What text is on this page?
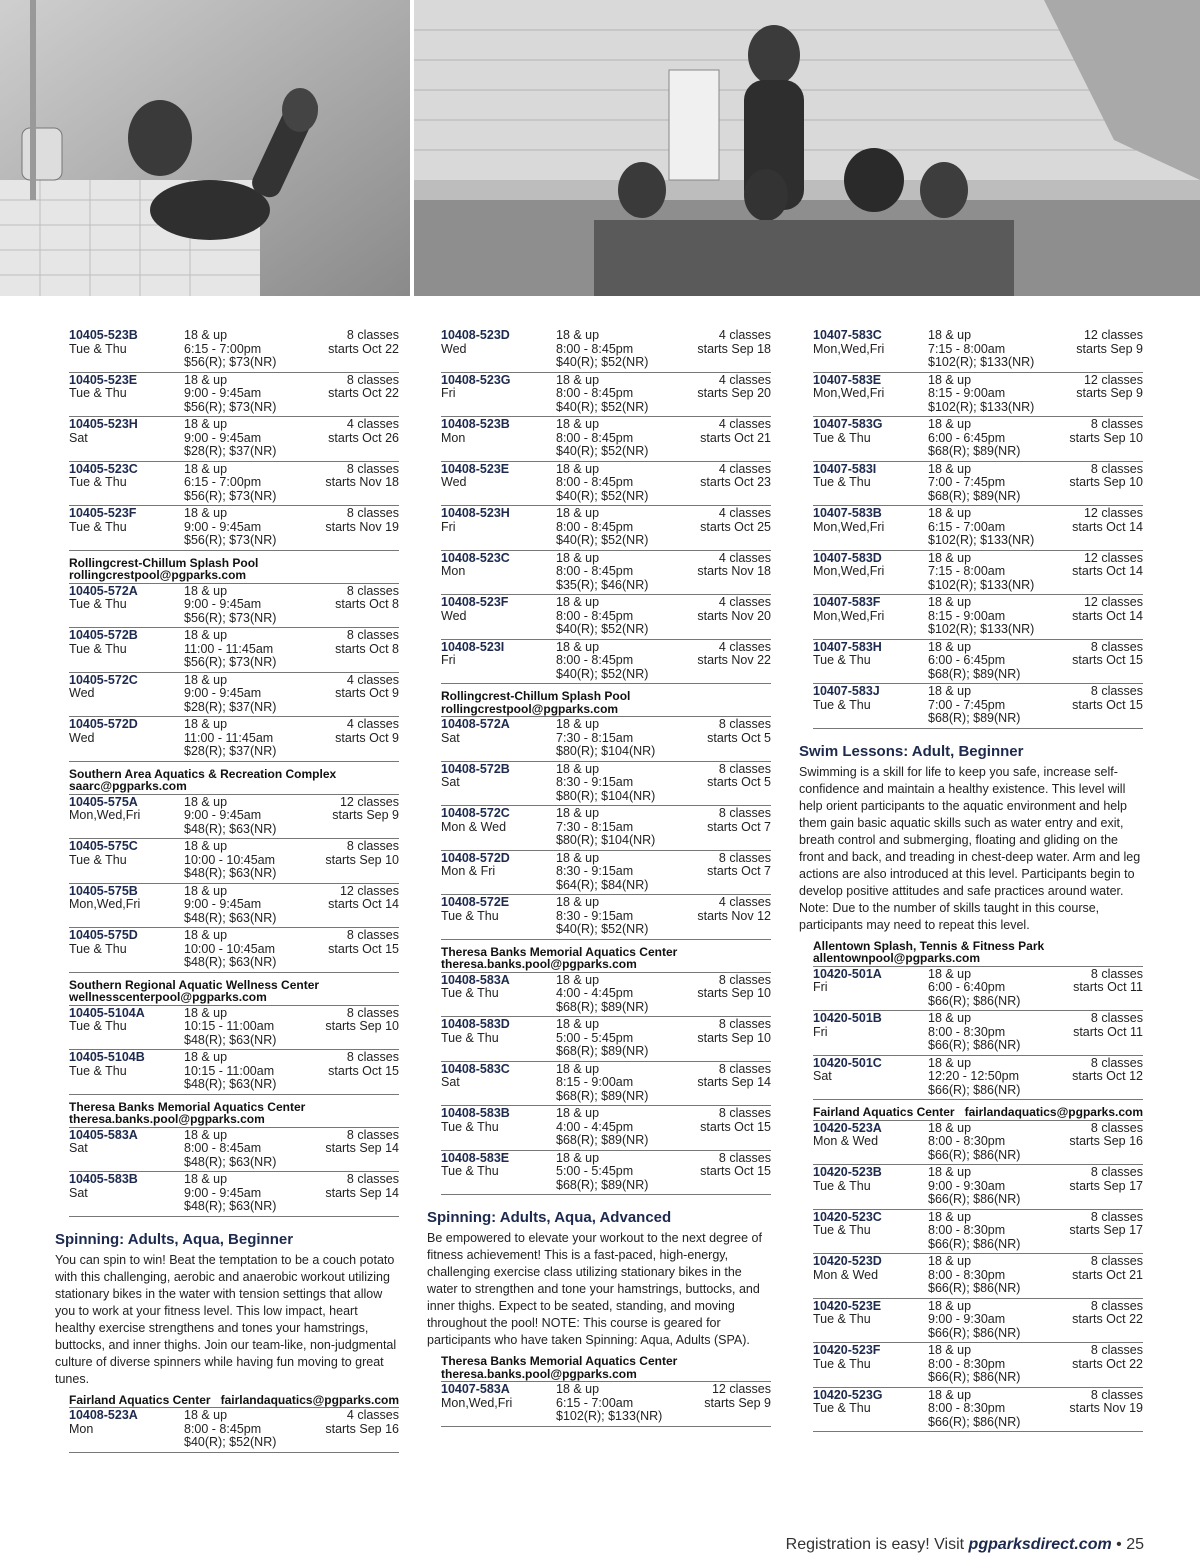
10405-523B	18 & up	8 classes
Tue & Thu	6:15 - 7:00pm	starts Oct 22
$56(R); $73(NR)
10405-523E	18 & up	8 classes
Tue & Thu	9:00 - 9:45am	starts Oct 22
$56(R); $73(NR)
10405-523H	18 & up	4 classes
Sat	9:00 - 9:45am	starts Oct 26
$28(R); $37(NR)
10405-523C	18 & up	8 classes
Tue & Thu	6:15 - 7:00pm	starts Nov 18
$56(R); $73(NR)
10405-523F	18 & up	8 classes
Tue & Thu	9:00 - 9:45am	starts Nov 19
$56(R); $73(NR)
Rollingcrest-Chillum Splash Pool
rollingcrestpool@pgparks.com
10405-572A	18 & up	8 classes
Tue & Thu	9:00 - 9:45am	starts Oct 8
$56(R); $73(NR)
10405-572B	18 & up	8 classes
Tue & Thu	11:00 - 11:45am	starts Oct 8
$56(R); $73(NR)
10405-572C	18 & up	4 classes
Wed	9:00 - 9:45am	starts Oct 9
$28(R); $37(NR)
10405-572D	18 & up	4 classes
Wed	11:00 - 11:45am	starts Oct 9
$28(R); $37(NR)
Southern Area Aquatics & Recreation Complex
saarc@pgparks.com
10405-575A	18 & up	12 classes
Mon,Wed,Fri	9:00 - 9:45am	starts Sep 9
$48(R); $63(NR)
10405-575C	18 & up	8 classes
Tue & Thu	10:00 - 10:45am	starts Sep 10
$48(R); $63(NR)
10405-575B	18 & up	12 classes
Mon,Wed,Fri	9:00 - 9:45am	starts Oct 14
$48(R); $63(NR)
10405-575D	18 & up	8 classes
Tue & Thu	10:00 - 10:45am	starts Oct 15
$48(R); $63(NR)
Southern Regional Aquatic Wellness Center
wellnesscenterpool@pgparks.com
10405-5104A	18 & up	8 classes
Tue & Thu	10:15 - 11:00am	starts Sep 10
$48(R); $63(NR)
10405-5104B	18 & up	8 classes
Tue & Thu	10:15 - 11:00am	starts Oct 15
$48(R); $63(NR)
Theresa Banks Memorial Aquatics Center
theresa.banks.pool@pgparks.com
10405-583A	18 & up	8 classes
Sat	8:00 - 8:45am	starts Sep 14
$48(R); $63(NR)
10405-583B	18 & up	8 classes
Sat	9:00 - 9:45am	starts Sep 14
$48(R); $63(NR)
Spinning: Adults, Aqua, Beginner
You can spin to win! Beat the temptation to be a couch potato with this challenging, aerobic and anaerobic workout utilizing stationary bikes in the water with tension settings that allow you to work at your fitness level. This low impact, heart healthy exercise strengthens and tones your hamstrings, buttocks, and inner thighs. Join our team-like, non-judgmental culture of diverse spinners while having fun moving to great tunes.
Fairland Aquatics Center fairlandaquatics@pgparks.com
10408-523A	18 & up	4 classes
Mon	8:00 - 8:45pm	starts Sep 16
$40(R); $52(NR)
10408-523D	18 & up	4 classes
Wed	8:00 - 8:45pm	starts Sep 18
$40(R); $52(NR)
10408-523G	18 & up	4 classes
Fri	8:00 - 8:45pm	starts Sep 20
$40(R); $52(NR)
10408-523B	18 & up	4 classes
Mon	8:00 - 8:45pm	starts Oct 21
$40(R); $52(NR)
10408-523E	18 & up	4 classes
Wed	8:00 - 8:45pm	starts Oct 23
$40(R); $52(NR)
10408-523H	18 & up	4 classes
Fri	8:00 - 8:45pm	starts Oct 25
$40(R); $52(NR)
10408-523C	18 & up	4 classes
Mon	8:00 - 8:45pm	starts Nov 18
$35(R); $46(NR)
10408-523F	18 & up	4 classes
Wed	8:00 - 8:45pm	starts Nov 20
$40(R); $52(NR)
10408-523I	18 & up	4 classes
Fri	8:00 - 8:45pm	starts Nov 22
$40(R); $52(NR)
Rollingcrest-Chillum Splash Pool
rollingcrestpool@pgparks.com
10408-572A	18 & up	8 classes
Sat	7:30 - 8:15am	starts Oct 5
$80(R); $104(NR)
10408-572B	18 & up	8 classes
Sat	8:30 - 9:15am	starts Oct 5
$80(R); $104(NR)
10408-572C	18 & up	8 classes
Mon & Wed	7:30 - 8:15am	starts Oct 7
$80(R); $104(NR)
10408-572D	18 & up	8 classes
Mon & Fri	8:30 - 9:15am	starts Oct 7
$64(R); $84(NR)
10408-572E	18 & up	4 classes
Tue & Thu	8:30 - 9:15am	starts Nov 12
$40(R); $52(NR)
Theresa Banks Memorial Aquatics Center
theresa.banks.pool@pgparks.com
10408-583A	18 & up	8 classes
Tue & Thu	4:00 - 4:45pm	starts Sep 10
$68(R); $89(NR)
10408-583D	18 & up	8 classes
Tue & Thu	5:00 - 5:45pm	starts Sep 10
$68(R); $89(NR)
10408-583C	18 & up	8 classes
Sat	8:15 - 9:00am	starts Sep 14
$68(R); $89(NR)
10408-583B	18 & up	8 classes
Tue & Thu	4:00 - 4:45pm	starts Oct 15
$68(R); $89(NR)
10408-583E	18 & up	8 classes
Tue & Thu	5:00 - 5:45pm	starts Oct 15
$68(R); $89(NR)
Spinning: Adults, Aqua, Advanced
Be empowered to elevate your workout to the next degree of fitness achievement! This is a fast-paced, high-energy, challenging exercise class utilizing stationary bikes in the water to strengthen and tone your hamstrings, buttocks, and inner thighs. Expect to be seated, standing, and moving throughout the pool! NOTE: This course is geared for participants who have taken Spinning: Aqua, Adults (SPA).
Theresa Banks Memorial Aquatics Center
theresa.banks.pool@pgparks.com
10407-583A	18 & up	12 classes
Mon,Wed,Fri	6:15 - 7:00am	starts Sep 9
$102(R); $133(NR)
10407-583C	18 & up	12 classes
Mon,Wed,Fri	7:15 - 8:00am	starts Sep 9
$102(R); $133(NR)
10407-583E	18 & up	12 classes
Mon,Wed,Fri	8:15 - 9:00am	starts Sep 9
$102(R); $133(NR)
10407-583G	18 & up	8 classes
Tue & Thu	6:00 - 6:45pm	starts Sep 10
$68(R); $89(NR)
10407-583I	18 & up	8 classes
Tue & Thu	7:00 - 7:45pm	starts Sep 10
$68(R); $89(NR)
10407-583B	18 & up	12 classes
Mon,Wed,Fri	6:15 - 7:00am	starts Oct 14
$102(R); $133(NR)
10407-583D	18 & up	12 classes
Mon,Wed,Fri	7:15 - 8:00am	starts Oct 14
$102(R); $133(NR)
10407-583F	18 & up	12 classes
Mon,Wed,Fri	8:15 - 9:00am	starts Oct 14
$102(R); $133(NR)
10407-583H	18 & up	8 classes
Tue & Thu	6:00 - 6:45pm	starts Oct 15
$68(R); $89(NR)
10407-583J	18 & up	8 classes
Tue & Thu	7:00 - 7:45pm	starts Oct 15
$68(R); $89(NR)
Swim Lessons: Adult, Beginner
Swimming is a skill for life to keep you safe, increase self-confidence and maintain a healthy existence. This level will help orient participants to the aquatic environment and help them gain basic aquatic skills such as water entry and exit, breath control and submerging, floating and gliding on the front and back, and treading in chest-deep water. Arm and leg actions are also introduced at this level. Participants begin to develop positive attitudes and safe practices around water. Note: Due to the number of skills taught in this course, participants may need to repeat this level.
Allentown Splash, Tennis & Fitness Park
allentownpool@pgparks.com
10420-501A	18 & up	8 classes
Fri	6:00 - 6:40pm	starts Oct 11
$66(R); $86(NR)
10420-501B	18 & up	8 classes
Fri	8:00 - 8:30pm	starts Oct 11
$66(R); $86(NR)
10420-501C	18 & up	8 classes
Sat	12:20 - 12:50pm	starts Oct 12
$66(R); $86(NR)
Fairland Aquatics Center fairlandaquatics@pgparks.com
10420-523A	18 & up	8 classes
Mon & Wed	8:00 - 8:30pm	starts Sep 16
$66(R); $86(NR)
10420-523B	18 & up	8 classes
Tue & Thu	9:00 - 9:30am	starts Sep 17
$66(R); $86(NR)
10420-523C	18 & up	8 classes
Tue & Thu	8:00 - 8:30pm	starts Sep 17
$66(R); $86(NR)
10420-523D	18 & up	8 classes
Mon & Wed	8:00 - 8:30pm	starts Oct 21
$66(R); $86(NR)
10420-523E	18 & up	8 classes
Tue & Thu	9:00 - 9:30am	starts Oct 22
$66(R); $86(NR)
10420-523F	18 & up	8 classes
Tue & Thu	8:00 - 8:30pm	starts Oct 22
$66(R); $86(NR)
10420-523G	18 & up	8 classes
Tue & Thu	8:00 - 8:30pm	starts Nov 19
$66(R); $86(NR)
Registration is easy! Visit pgparksdirect.com • 25
